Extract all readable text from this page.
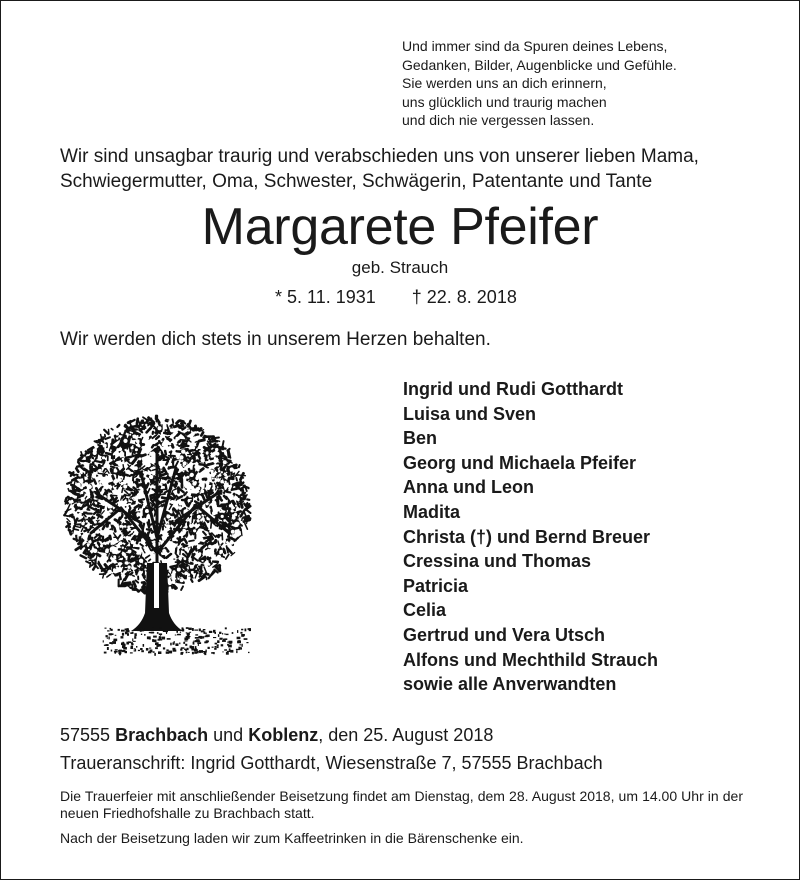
Und immer sind da Spuren deines Lebens,
Gedanken, Bilder, Augenblicke und Gefühle.
Sie werden uns an dich erinnern,
uns glücklich und traurig machen
und dich nie vergessen lassen.
Wir sind unsagbar traurig und verabschieden uns von unserer lieben Mama,
Schwiegermutter, Oma, Schwester, Schwägerin, Patentante und Tante
Margarete Pfeifer
geb. Strauch
* 5. 11. 1931 † 22. 8. 2018
Wir werden dich stets in unserem Herzen behalten.
Ingrid und Rudi Gotthardt
Luisa und Sven
Ben
Georg und Michaela Pfeifer
Anna und Leon
Madita
Christa (†) und Bernd Breuer
Cressina und Thomas
Patricia
Celia
Gertrud und Vera Utsch
Alfons und Mechthild Strauch
sowie alle Anverwandten
57555 Brachbach und Koblenz, den 25. August 2018
Traueranschrift: Ingrid Gotthardt, Wiesenstraße 7, 57555 Brachbach
Die Trauerfeier mit anschließender Beisetzung findet am Dienstag, dem 28. August 2018, um 14.00 Uhr in der neuen Friedhofshalle zu Brachbach statt.
Nach der Beisetzung laden wir zum Kaffeetrinken in die Bärenschenke ein.
